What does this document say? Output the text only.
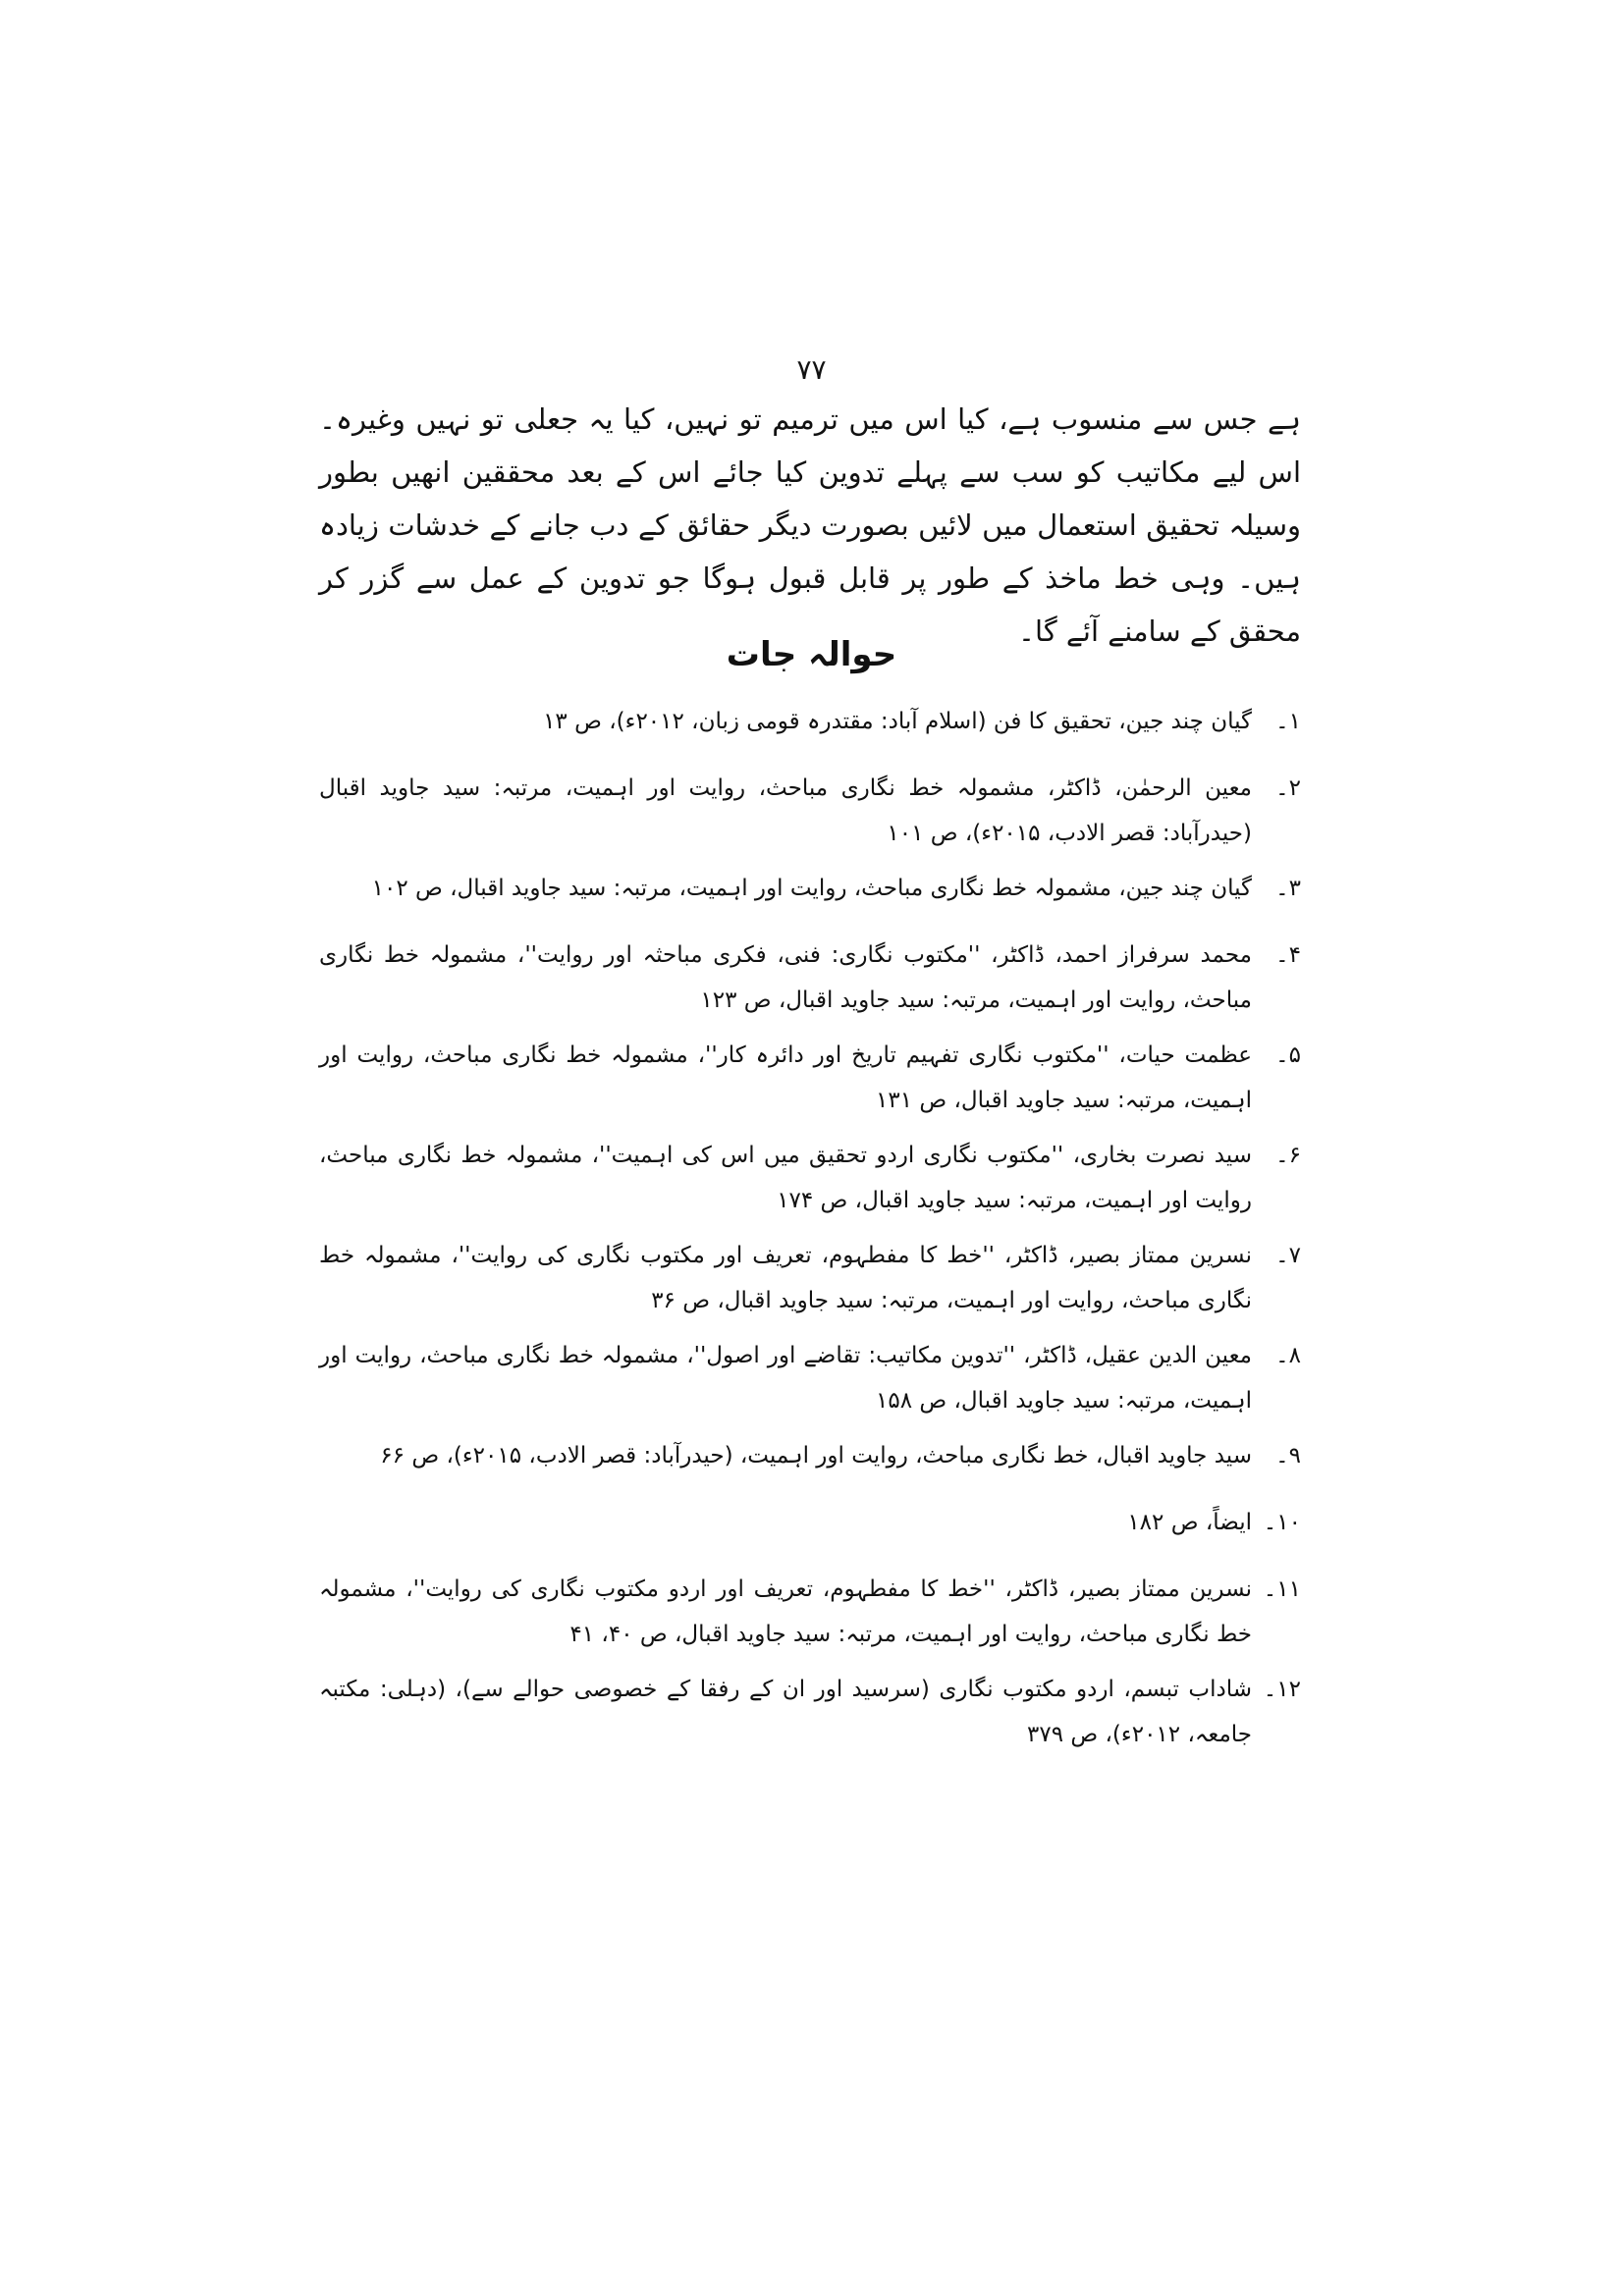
۷۷
ہے جس سے منسوب ہے، کیا اس میں ترمیم تو نہیں، کیا یہ جعلی تو نہیں وغیرہ۔ اس لیے مکاتیب کو سب سے پہلے تدوین کیا جائے اس کے بعد محققین انھیں بطور وسیلہ تحقیق استعمال میں لائیں بصورت دیگر حقائق کے دب جانے کے خدشات زیادہ ہیں۔ وہی خط ماخذ کے طور پر قابل قبول ہوگا جو تدوین کے عمل سے گزر کر محقق کے سامنے آئے گا۔
حوالہ جات
۱۔
گیان چند جین، تحقیق کا فن (اسلام آباد: مقتدرہ قومی زبان، ۲۰۱۲ء)، ص ۱۳
۲۔
معین الرحمٰن، ڈاکٹر، مشمولہ خط نگاری مباحث، روایت اور اہمیت، مرتبہ: سید جاوید اقبال (حیدرآباد: قصر الادب، ۲۰۱۵ء)، ص ۱۰۱
۳۔
گیان چند جین، مشمولہ خط نگاری مباحث، روایت اور اہمیت، مرتبہ: سید جاوید اقبال، ص ۱۰۲
۴۔
محمد سرفراز احمد، ڈاکٹر، ''مکتوب نگاری: فنی، فکری مباحثہ اور روایت''، مشمولہ خط نگاری مباحث، روایت اور اہمیت، مرتبہ: سید جاوید اقبال، ص ۱۲۳
۵۔
عظمت حیات، ''مکتوب نگاری تفہیم تاریخ اور دائرہ کار''، مشمولہ خط نگاری مباحث، روایت اور اہمیت، مرتبہ: سید جاوید اقبال، ص ۱۳۱
۶۔
سید نصرت بخاری، ''مکتوب نگاری اردو تحقیق میں اس کی اہمیت''، مشمولہ خط نگاری مباحث، روایت اور اہمیت، مرتبہ: سید جاوید اقبال، ص ۱۷۴
۷۔
نسرین ممتاز بصیر، ڈاکٹر، ''خط کا مفطہوم، تعریف اور مکتوب نگاری کی روایت''، مشمولہ خط نگاری مباحث، روایت اور اہمیت، مرتبہ: سید جاوید اقبال، ص ۳۶
۸۔
معین الدین عقیل، ڈاکٹر، ''تدوین مکاتیب: تقاضے اور اصول''، مشمولہ خط نگاری مباحث، روایت اور اہمیت، مرتبہ: سید جاوید اقبال، ص ۱۵۸
۹۔
سید جاوید اقبال، خط نگاری مباحث، روایت اور اہمیت، (حیدرآباد: قصر الادب، ۲۰۱۵ء)، ص ۶۶
۱۰۔
ایضاً، ص ۱۸۲
۱۱۔
نسرین ممتاز بصیر، ڈاکٹر، ''خط کا مفطہوم، تعریف اور اردو مکتوب نگاری کی روایت''، مشمولہ خط نگاری مباحث، روایت اور اہمیت، مرتبہ: سید جاوید اقبال، ص ۴۰، ۴۱
۱۲۔
شاداب تبسم، اردو مکتوب نگاری (سرسید اور ان کے رفقا کے خصوصی حوالے سے)، (دہلی: مکتبہ جامعہ، ۲۰۱۲ء)، ص ۳۷۹
